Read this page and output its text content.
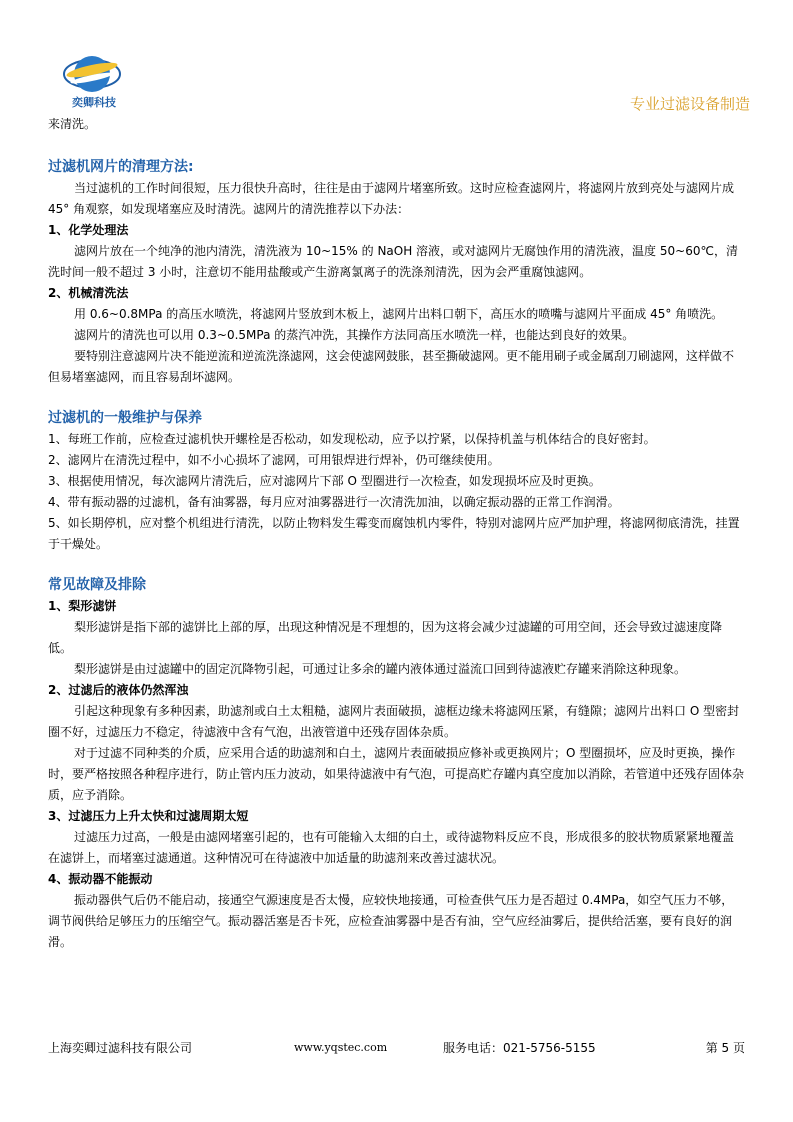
奕卿科技	专业过滤设备制造

来清洗。

过滤机网片的清理方法:

当过滤机的工作时间很短，压力很快升高时，往往是由于滤网片堵塞所致。这时应检查滤网片，将滤网片放到亮处与滤网片成 45° 角观察，如发现堵塞应及时清洗。滤网片的清洗推荐以下办法：

1、化学处理法

滤网片放在一个纯净的池内清洗，清洗液为 10~15% 的 NaOH 溶液，或对滤网片无腐蚀作用的清洗液，温度 50~60℃，清洗时间一般不超过 3 小时，注意切不能用盐酸或产生游离氯离子的洗涤剂清洗，因为会严重腐蚀滤网。

2、机械清洗法

用 0.6~0.8MPa 的高压水喷洗，将滤网片竖放到木板上，滤网片出料口朝下，高压水的喷嘴与滤网片平面成 45° 角喷洗。

滤网片的清洗也可以用 0.3~0.5MPa 的蒸汽冲洗，其操作方法同高压水喷洗一样，也能达到良好的效果。

要特别注意滤网片决不能逆流和逆流洗涤滤网，这会使滤网鼓胀，甚至撕破滤网。更不能用刷子或金属刮刀刷滤网，这样做不但易堵塞滤网，而且容易刮坏滤网。

过滤机的一般维护与保养

1、每班工作前，应检查过滤机快开螺栓是否松动，如发现松动，应予以拧紧，以保持机盖与机体结合的良好密封。

2、滤网片在清洗过程中，如不小心损坏了滤网，可用银焊进行焊补，仍可继续使用。

3、根据使用情况，每次滤网片清洗后，应对滤网片下部 O 型圈进行一次检查，如发现损坏应及时更换。

4、带有振动器的过滤机，备有油雾器，每月应对油雾器进行一次清洗加油，以确定振动器的正常工作润滑。

5、如长期停机，应对整个机组进行清洗，以防止物料发生霉变而腐蚀机内零件，特别对滤网片应严加护理，将滤网彻底清洗，挂置于干燥处。

常见故障及排除

1、梨形滤饼

梨形滤饼是指下部的滤饼比上部的厚，出现这种情况是不理想的，因为这将会减少过滤罐的可用空间，还会导致过滤速度降低。

梨形滤饼是由过滤罐中的固定沉降物引起，可通过让多余的罐内液体通过溢流口回到待滤液贮存罐来消除这种现象。

2、过滤后的液体仍然浑浊

引起这种现象有多种因素，助滤剂或白土太粗糙，滤网片表面破损，滤框边缘未将滤网压紧，有缝隙；滤网片出料口 O 型密封圈不好，过滤压力不稳定，待滤液中含有气泡，出液管道中还残存固体杂质。

对于过滤不同种类的介质，应采用合适的助滤剂和白土，滤网片表面破损应修补或更换网片；O 型圈损坏，应及时更换，操作时，要严格按照各种程序进行，防止管内压力波动，如果待滤液中有气泡，可提高贮存罐内真空度加以消除，若管道中还残存固体杂质，应予消除。

3、过滤压力上升太快和过滤周期太短

过滤压力过高，一般是由滤网堵塞引起的，也有可能输入太细的白土，或待滤物料反应不良，形成很多的胶状物质紧紧地覆盖在滤饼上，而堵塞过滤通道。这种情况可在待滤液中加适量的助滤剂来改善过滤状况。

4、振动器不能振动

振动器供气后仍不能启动，接通空气源速度是否太慢，应较快地接通，可检查供气压力是否超过 0.4MPa，如空气压力不够，调节阀供给足够压力的压缩空气。振动器活塞是否卡死，应检查油雾器中是否有油，空气应经油雾后，提供给活塞，要有良好的润滑。

上海奕卿过滤科技有限公司	www.yqstec.com	服务电话：021-5756-5155	第 5 页
